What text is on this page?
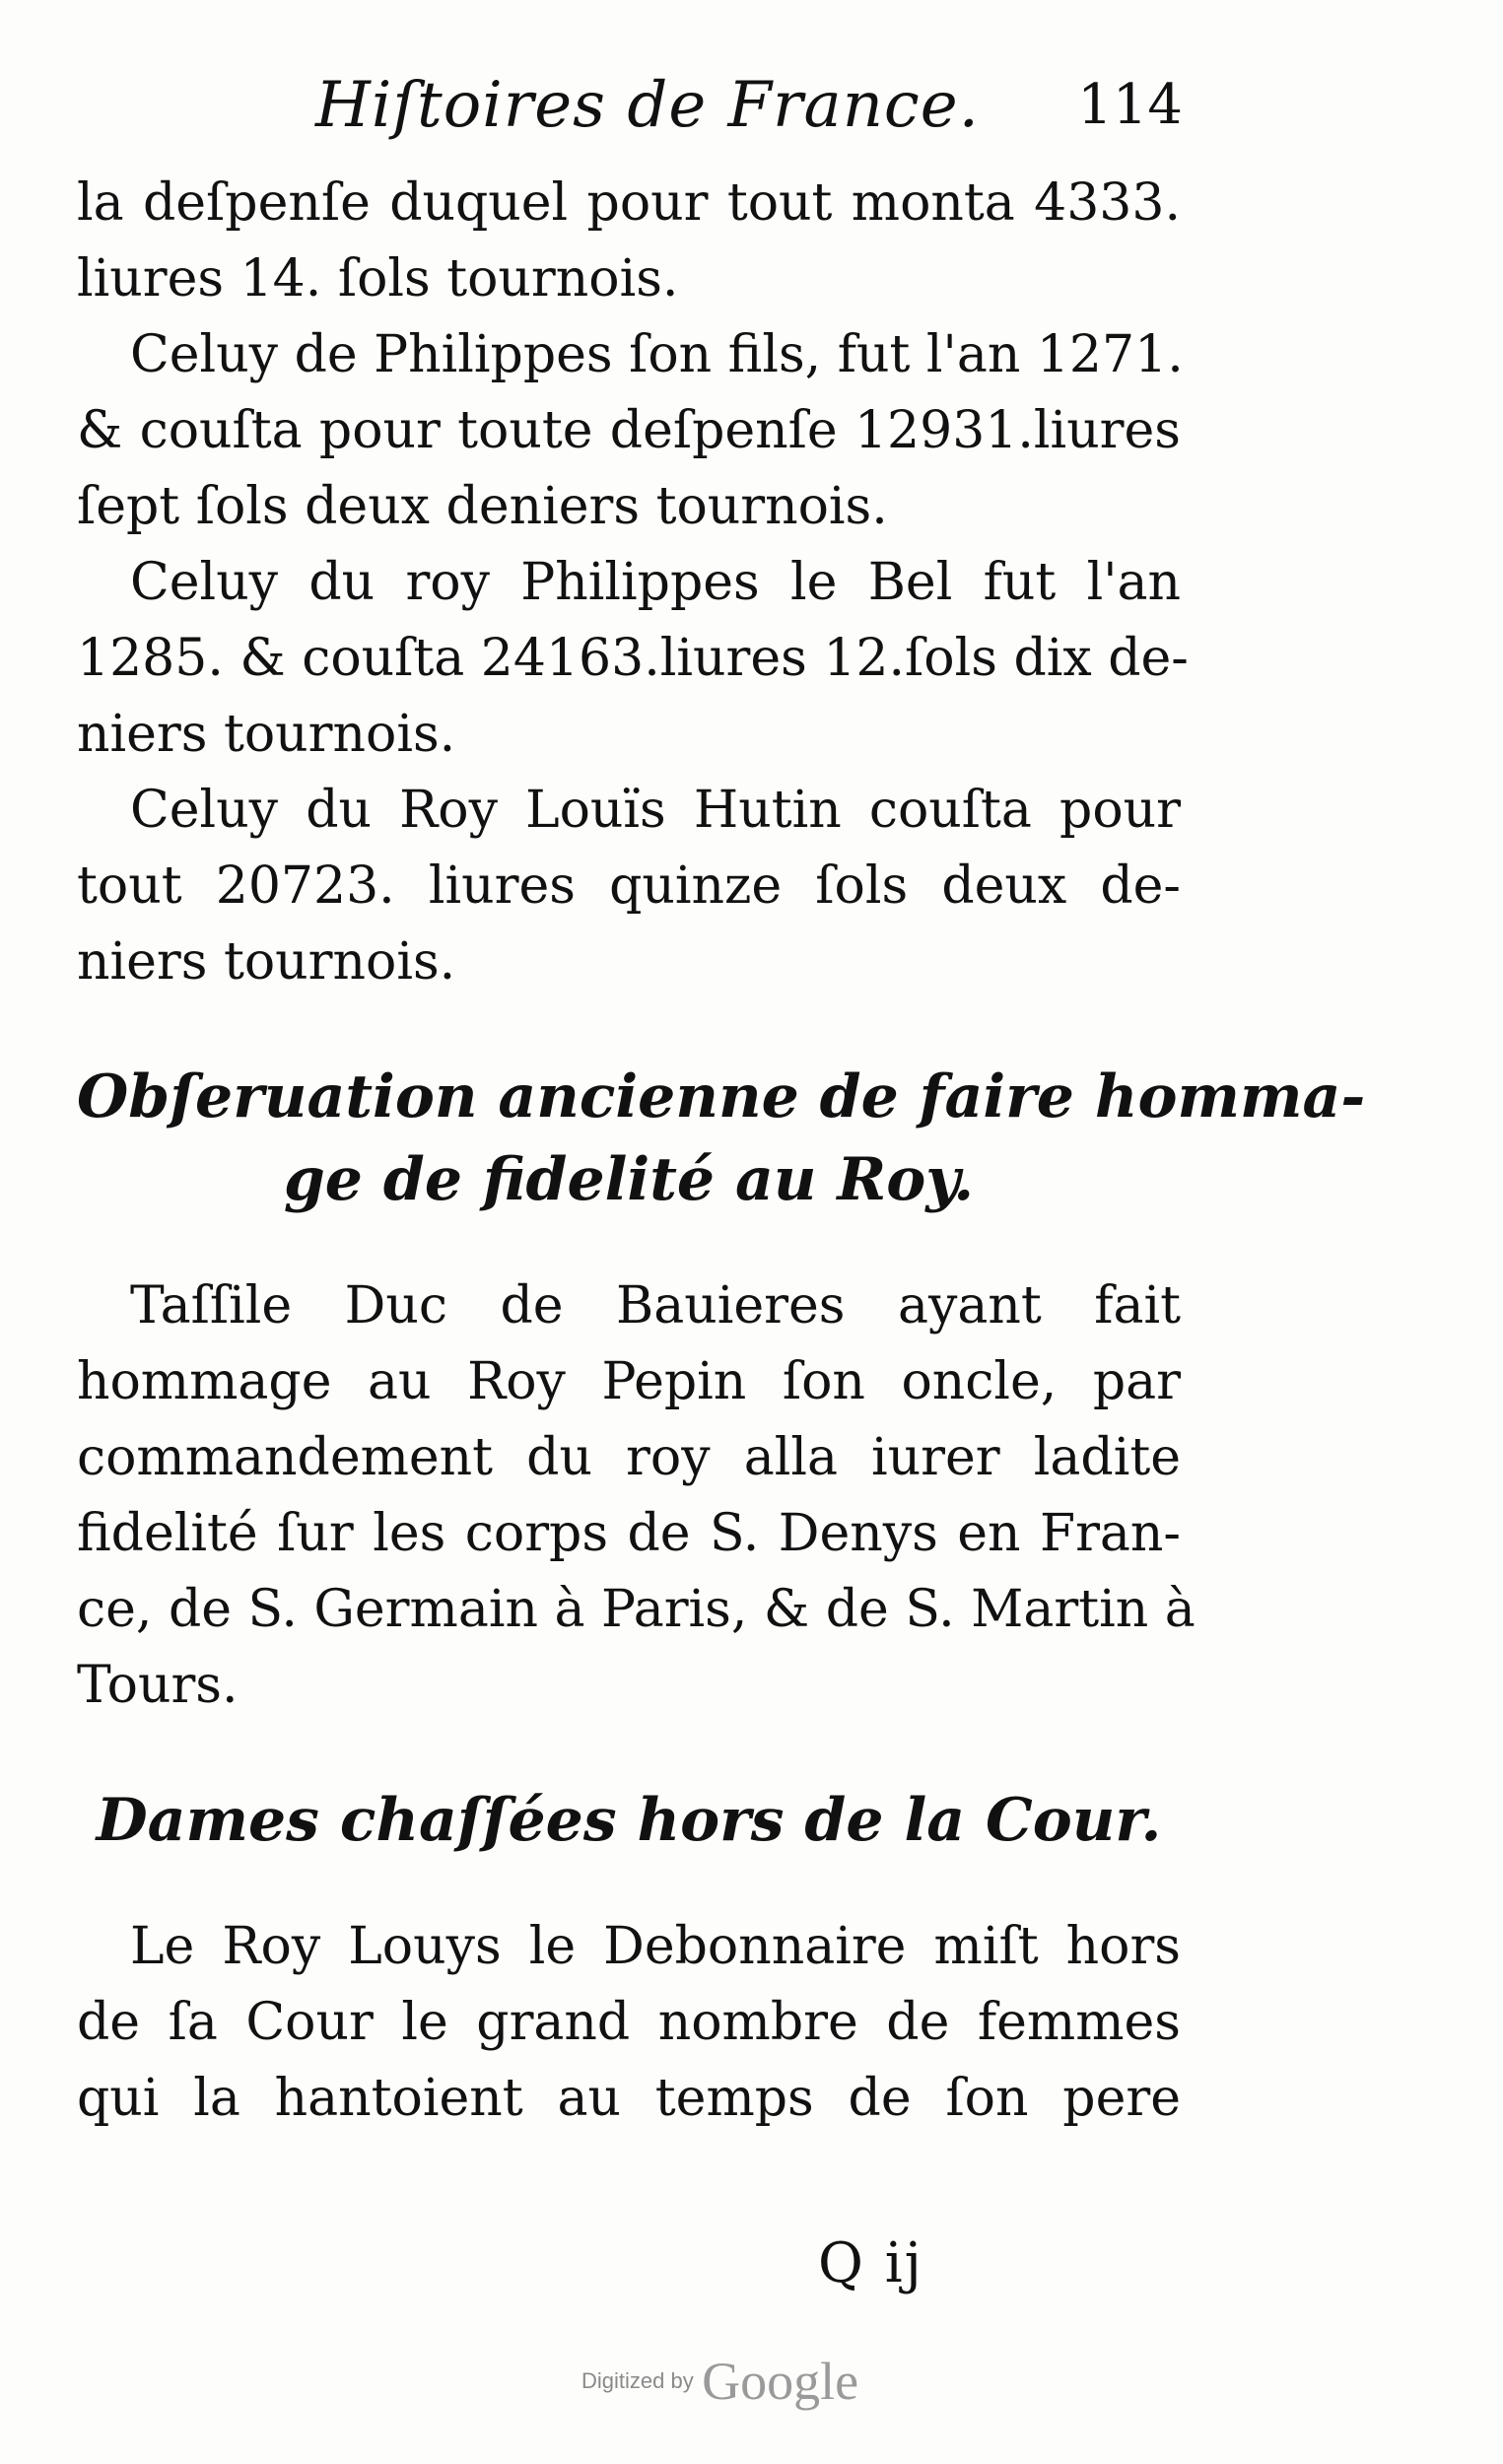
Hiſtoires de France. 114
la deſpenſe duquel pour tout monta 4333.
liures 14. ſols tournois.
Celuy de Philippes ſon fils, fut l'an 1271.
& couſta pour toute deſpenſe 12931.liures
ſept ſols deux deniers tournois.
Celuy du roy Philippes le Bel fut l'an
1285. & couſta 24163.liures 12.ſols dix de-
niers tournois.
Celuy du Roy Louïs Hutin couſta pour
tout 20723. liures quinze ſols deux de-
niers tournois.
Obſeruation ancienne de faire homma-
ge de fidelité au Roy.
Taſſile Duc de Bauieres ayant fait
hommage au Roy Pepin ſon oncle, par
commandement du roy alla iurer ladite
fidelité ſur les corps de S. Denys en Fran-
ce, de S. Germain à Paris, & de S. Martin à
Tours.
Dames chaſſées hors de la Cour.
Le Roy Louys le Debonnaire miſt hors
de ſa Cour le grand nombre de femmes
qui la hantoient au temps de ſon pere
Q ij
Digitized by Google
